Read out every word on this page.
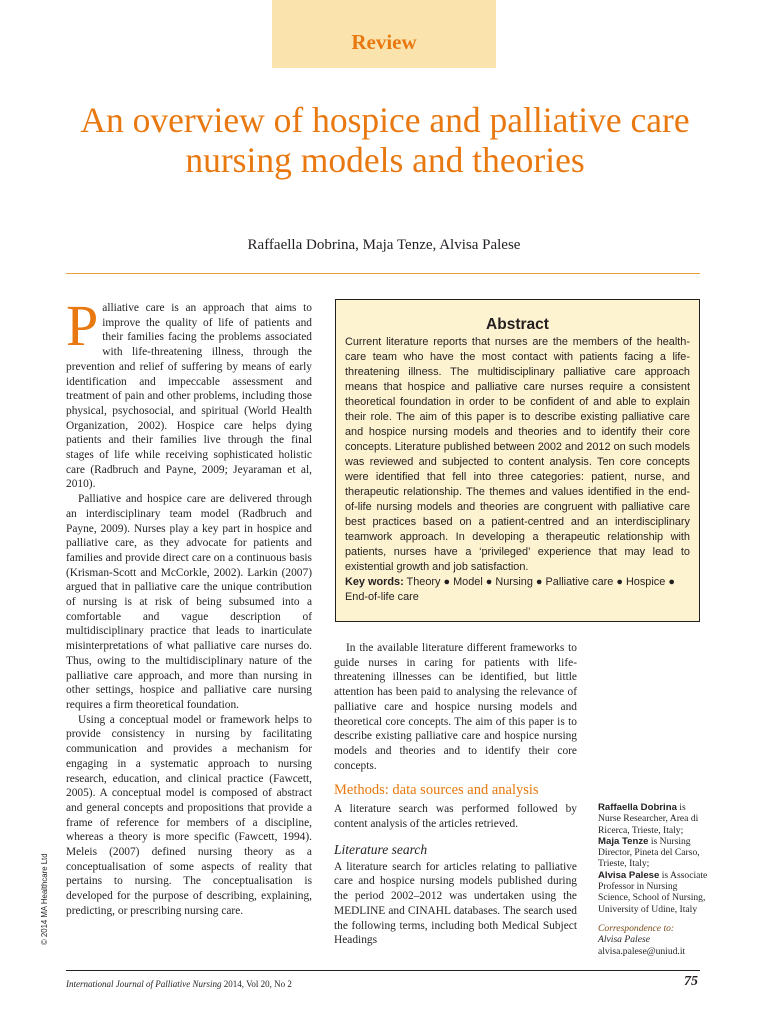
Review
An overview of hospice and palliative care nursing models and theories
Raffaella Dobrina, Maja Tenze, Alvisa Palese

Palliative care is an approach that aims to improve the quality of life of patients and their families facing the problems associated with life-threatening illness, through the prevention and relief of suffering by means of early identification and impeccable assessment and treatment of pain and other problems, including those physical, psychosocial, and spiritual (World Health Organization, 2002). Hospice care helps dying patients and their families live through the final stages of life while receiving sophisticated holistic care (Radbruch and Payne, 2009; Jeyaraman et al, 2010).

Palliative and hospice care are delivered through an interdisciplinary team model (Radbruch and Payne, 2009). Nurses play a key part in hospice and palliative care, as they advocate for patients and families and provide direct care on a continuous basis (Krisman-Scott and McCorkle, 2002). Larkin (2007) argued that in palliative care the unique contribution of nursing is at risk of being subsumed into a comfortable and vague description of multidisciplinary practice that leads to inarticulate misinterpretations of what palliative care nurses do. Thus, owing to the multidisciplinary nature of the palliative care approach, and more than nursing in other settings, hospice and palliative care nursing requires a firm theoretical foundation.

Using a conceptual model or framework helps to provide consistency in nursing by facilitating communication and provides a mechanism for engaging in a systematic approach to nursing research, education, and clinical practice (Fawcett, 2005). A conceptual model is composed of abstract and general concepts and propositions that provide a frame of reference for members of a discipline, whereas a theory is more specific (Fawcett, 1994). Meleis (2007) defined nursing theory as a conceptualisation of some aspects of reality that pertains to nursing. The conceptualisation is developed for the purpose of describing, explaining, predicting, or prescribing nursing care.

Abstract

Current literature reports that nurses are the members of the health-care team who have the most contact with patients facing a life-threatening illness. The multidisciplinary palliative care approach means that hospice and palliative care nurses require a consistent theoretical foundation in order to be confident of and able to explain their role. The aim of this paper is to describe existing palliative care and hospice nursing models and theories and to identify their core concepts. Literature published between 2002 and 2012 on such models was reviewed and subjected to content analysis. Ten core concepts were identified that fell into three categories: patient, nurse, and therapeutic relationship. The themes and values identified in the end-of-life nursing models and theories are congruent with palliative care best practices based on a patient-centred and an interdisciplinary teamwork approach. In developing a therapeutic relationship with patients, nurses have a ‘privileged’ experience that may lead to existential growth and job satisfaction.

Key words: Theory ● Model ● Nursing ● Palliative care ● Hospice ● End-of-life care

In the available literature different frameworks to guide nurses in caring for patients with life-threatening illnesses can be identified, but little attention has been paid to analysing the relevance of palliative care and hospice nursing models and theoretical core concepts. The aim of this paper is to describe existing palliative care and hospice nursing models and theories and to identify their core concepts.

Methods: data sources and analysis

A literature search was performed followed by content analysis of the articles retrieved.

Literature search

A literature search for articles relating to palliative care and hospice nursing models published during the period 2002–2012 was undertaken using the MEDLINE and CINAHL databases. The search used the following terms, including both Medical Subject Headings

Raffaella Dobrina is Nurse Researcher, Area di Ricerca, Trieste, Italy;
Maja Tenze is Nursing Director, Pineta del Carso, Trieste, Italy;
Alvisa Palese is Associate Professor in Nursing Science, School of Nursing, University of Udine, Italy
Correspondence to:
Alvisa Palese
alvisa.palese@uniud.it
© 2014 MA Healthcare Ltd
International Journal of Palliative Nursing 2014, Vol 20, No 2	75
